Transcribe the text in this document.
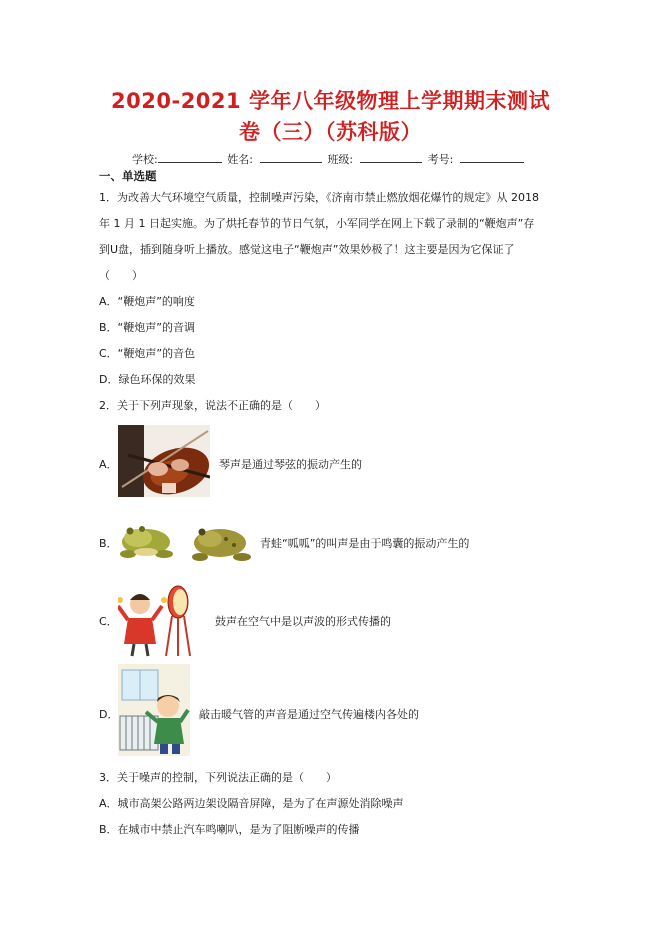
2020-2021 学年八年级物理上学期期末测试
卷（三）（苏科版）
学校:	姓名:	班级:	考号:
一、单选题
1．为改善大气环境空气质量，控制噪声污染，《济南市禁止燃放烟花爆竹的规定》从 2018
年 1 月 1 日起实施。为了烘托春节的节日气氛，小军同学在网上下载了录制的“鞭炮声”存
到U盘，插到随身听上播放。感觉这电子“鞭炮声”效果妙极了！这主要是因为它保证了
（　　）
A．“鞭炮声”的响度
B．“鞭炮声”的音调
C．“鞭炮声”的音色
D．绿色环保的效果
2．关于下列声现象，说法不正确的是（　　）
A．	琴声是通过琴弦的振动产生的
B．	青蛙“呱呱”的叫声是由于鸣囊的振动产生的
C．	鼓声在空气中是以声波的形式传播的
D．	敲击暖气管的声音是通过空气传遍楼内各处的
3．关于噪声的控制，下列说法正确的是（　　）
A．城市高架公路两边架设隔音屏障，是为了在声源处消除噪声
B．在城市中禁止汽车鸣喇叭，是为了阻断噪声的传播
